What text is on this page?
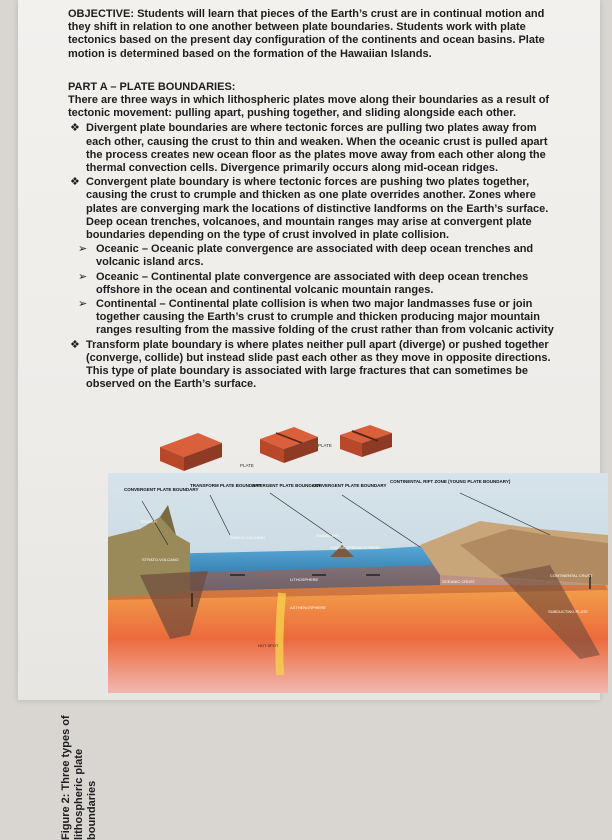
OBJECTIVE: Students will learn that pieces of the Earth’s crust are in continual motion and they shift in relation to one another between plate boundaries. Students work with plate tectonics based on the present day configuration of the continents and ocean basins. Plate motion is determined based on the formation of the Hawaiian Islands.

PART A – PLATE BOUNDARIES:

There are three ways in which lithospheric plates move along their boundaries as a result of tectonic movement: pulling apart, pushing together, and sliding alongside each other.

❖ Divergent plate boundaries are where tectonic forces are pulling two plates away from each other, causing the crust to thin and weaken. When the oceanic crust is pulled apart the process creates new ocean floor as the plates move away from each other along the thermal convection cells. Divergence primarily occurs along mid-ocean ridges.
❖ Convergent plate boundary is where tectonic forces are pushing two plates together, causing the crust to crumple and thicken as one plate overrides another. Zones where plates are converging mark the locations of distinctive landforms on the Earth’s surface. Deep ocean trenches, volcanoes, and mountain ranges may arise at convergent plate boundaries depending on the type of crust involved in plate collision.
➢ Oceanic – Oceanic plate convergence are associated with deep ocean trenches and volcanic island arcs.
➢ Oceanic – Continental plate convergence are associated with deep ocean trenches offshore in the ocean and continental volcanic mountain ranges.
➢ Continental – Continental plate collision is when two major landmasses fuse or join together causing the Earth’s crust to crumple and thicken producing major mountain ranges resulting from the massive folding of the crust rather than from volcanic activity
❖ Transform plate boundary is where plates neither pull apart (diverge) or pushed together (converge, collide) but instead slide past each other as they move in opposite directions. This type of plate boundary is associated with large fractures that can sometimes be observed on the Earth’s surface.
Figure 2: Three types of lithospheric plate boundaries
PLATE
PLATE
CONVERGENT PLATE BOUNDARY
TRANSFORM PLATE BOUNDARY
DIVERGENT PLATE BOUNDARY
CONVERGENT PLATE BOUNDARY
CONTINENTAL RIFT ZONE (YOUNG PLATE BOUNDARY)
TRENCH
STRATO-VOLCANO
SHIELD VOLCANO	ISLAND ARC
OCEANIC SPREADING RIDGE
OCEANIC CRUST
CONTINENTAL CRUST
LITHOSPHERE
ASTHENOSPHERE
HOT SPOT
SUBDUCTING PLATE
